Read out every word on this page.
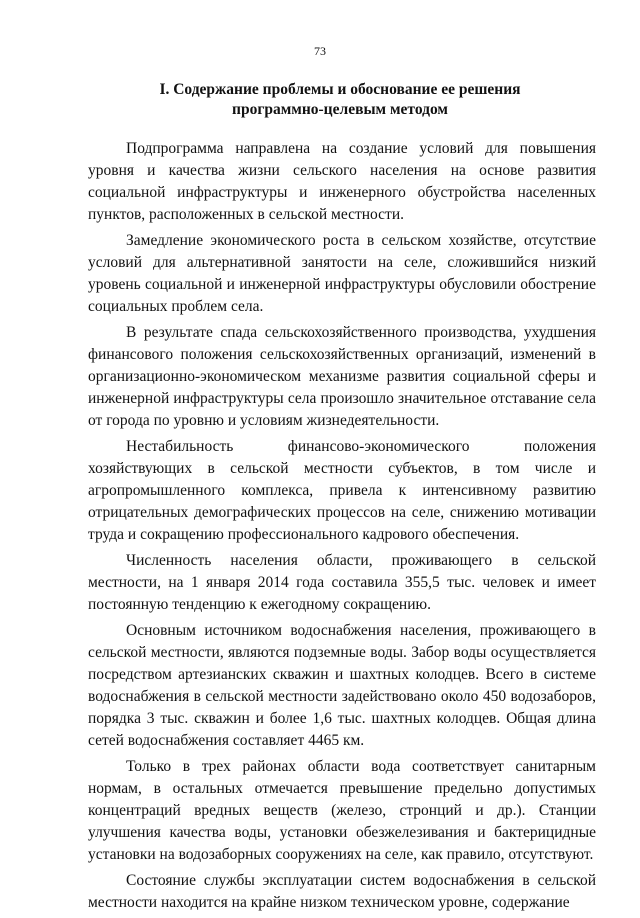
73
I. Содержание проблемы и обоснование ее решения
программно-целевым методом

Подпрограмма направлена на создание условий для повышения уровня и качества жизни сельского населения на основе развития социальной инфраструктуры и инженерного обустройства населенных пунктов, расположенных в сельской местности.

Замедление экономического роста в сельском хозяйстве, отсутствие условий для альтернативной занятости на селе, сложившийся низкий уровень социальной и инженерной инфраструктуры обусловили обострение социальных проблем села.

В результате спада сельскохозяйственного производства, ухудшения финансового положения сельскохозяйственных организаций, изменений в организационно-экономическом механизме развития социальной сферы и инженерной инфраструктуры села произошло значительное отставание села от города по уровню и условиям жизнедеятельности.

Нестабильность финансово-экономического положения хозяйствующих в сельской местности субъектов, в том числе и агропромышленного комплекса, привела к интенсивному развитию отрицательных демографических процессов на селе, снижению мотивации труда и сокращению профессионального кадрового обеспечения.

Численность населения области, проживающего в сельской местности, на 1 января 2014 года составила 355,5 тыс. человек и имеет постоянную тенденцию к ежегодному сокращению.

Основным источником водоснабжения населения, проживающего в сельской местности, являются подземные воды. Забор воды осуществляется посредством артезианских скважин и шахтных колодцев. Всего в системе водоснабжения в сельской местности задействовано около 450 водозаборов, порядка 3 тыс. скважин и более 1,6 тыс. шахтных колодцев. Общая длина сетей водоснабжения составляет 4465 км.

Только в трех районах области вода соответствует санитарным нормам, в остальных отмечается превышение предельно допустимых концентраций вредных веществ (железо, стронций и др.). Станции улучшения качества воды, установки обезжелезивания и бактерицидные установки на водозаборных сооружениях на селе, как правило, отсутствуют.

Состояние службы эксплуатации систем водоснабжения в сельской местности находится на крайне низком техническом уровне, содержание
